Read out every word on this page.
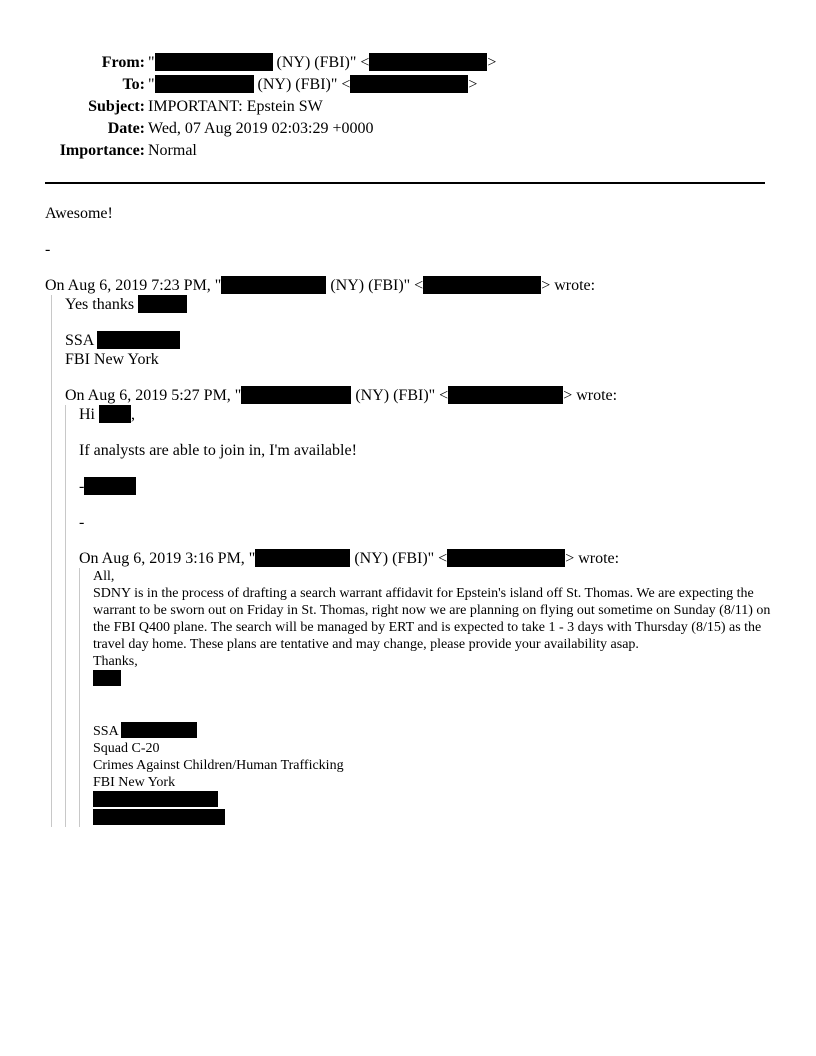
From: "	(NY) (FBI)" <	>
To: "	(NY) (FBI)" <	>
Subject: IMPORTANT: Epstein SW
Date: Wed, 07 Aug 2019 02:03:29 +0000
Importance: Normal
Awesome!
-
On Aug 6, 2019 7:23 PM, "	(NY) (FBI)" <	> wrote:
Yes thanks
SSA
FBI New York
On Aug 6, 2019 5:27 PM, "	(NY) (FBI)" <	> wrote:
Hi ,
If analysts are able to join in, I'm available!
-
-
On Aug 6, 2019 3:16 PM, "	(NY) (FBI)" <	> wrote:
All,
SDNY is in the process of drafting a search warrant affidavit for Epstein's island off St. Thomas. We are expecting the warrant to be sworn out on Friday in St. Thomas, right now we are planning on flying out sometime on Sunday (8/11) on the FBI Q400 plane. The search will be managed by ERT and is expected to take 1 - 3 days with Thursday (8/15) as the travel day home. These plans are tentative and may change, please provide your availability asap.
Thanks,
SSA
Squad C-20
Crimes Against Children/Human Trafficking
FBI New York
